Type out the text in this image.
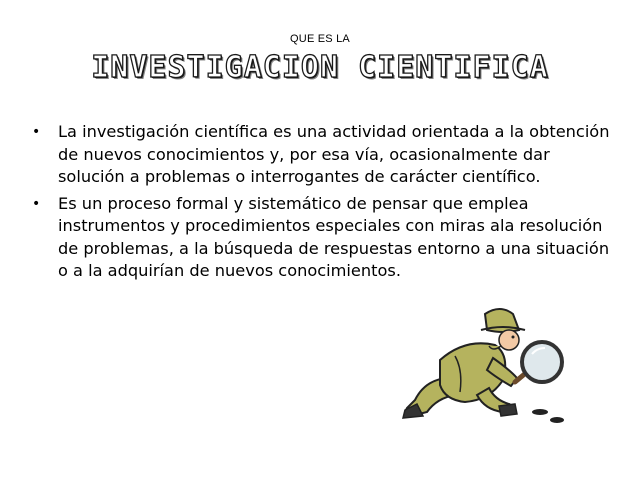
QUE ES LA
INVESTIGACION CIENTIFICA
• La investigación científica es una actividad orientada a la obtención de nuevos conocimientos y, por esa vía, ocasionalmente dar solución a problemas o interrogantes de carácter científico.
• Es un proceso formal y sistemático de pensar que emplea instrumentos y procedimientos especiales con miras ala resolución de problemas, a la búsqueda de respuestas entorno a una situación o a la adquirían de nuevos conocimientos.
